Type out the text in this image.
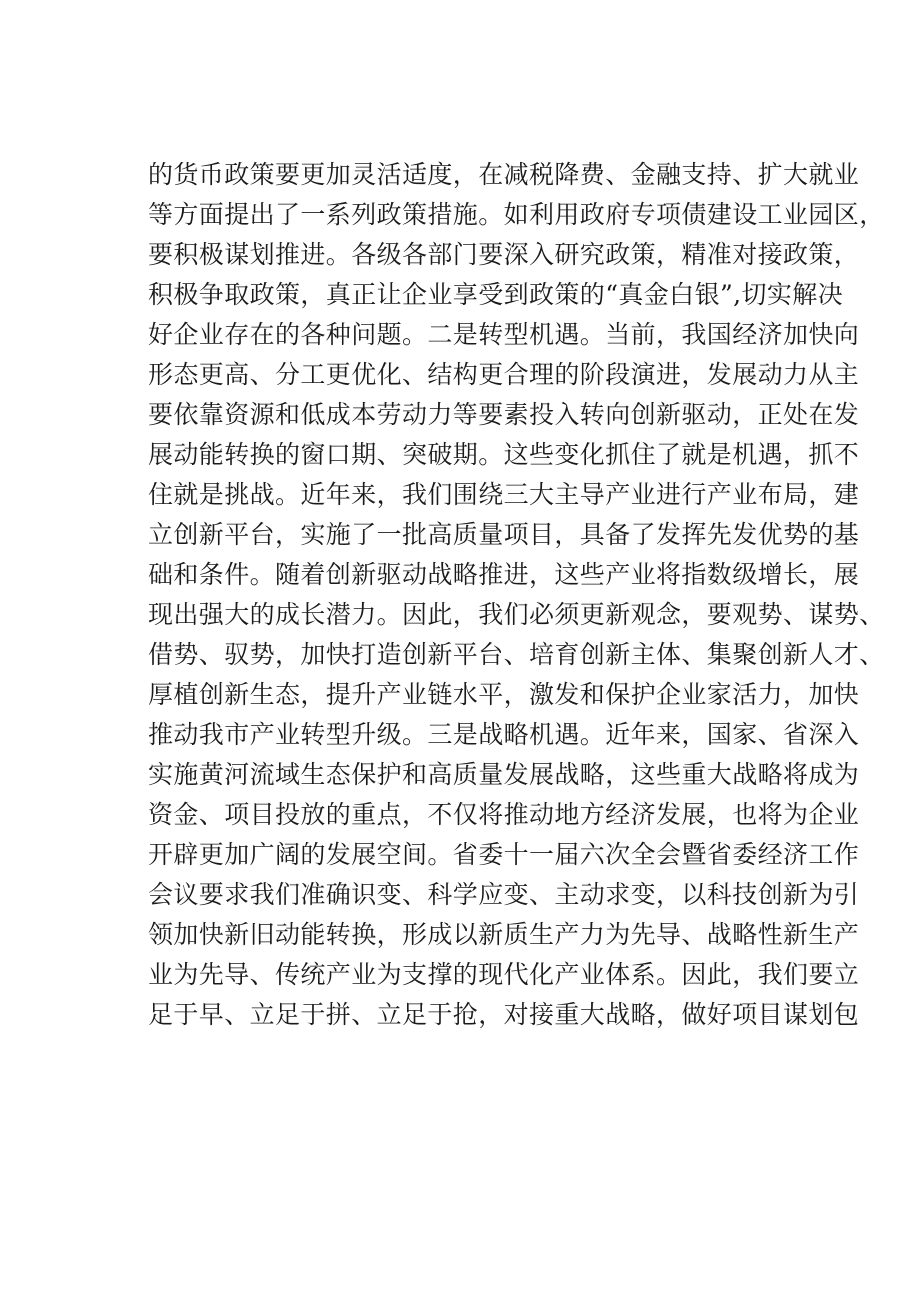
的货币政策要更加灵活适度，在减税降费、金融支持、扩大就业
等方面提出了一系列政策措施。如利用政府专项债建设工业园区，
要积极谋划推进。各级各部门要深入研究政策，精准对接政策，
积极争取政策，真正让企业享受到政策的“真金白银”,切实解决
好企业存在的各种问题。二是转型机遇。当前，我国经济加快向
形态更高、分工更优化、结构更合理的阶段演进，发展动力从主
要依靠资源和低成本劳动力等要素投入转向创新驱动，正处在发
展动能转换的窗口期、突破期。这些变化抓住了就是机遇，抓不
住就是挑战。近年来，我们围绕三大主导产业进行产业布局，建
立创新平台，实施了一批高质量项目，具备了发挥先发优势的基
础和条件。随着创新驱动战略推进，这些产业将指数级增长，展
现出强大的成长潜力。因此，我们必须更新观念，要观势、谋势、
借势、驭势，加快打造创新平台、培育创新主体、集聚创新人才、
厚植创新生态，提升产业链水平，激发和保护企业家活力，加快
推动我市产业转型升级。三是战略机遇。近年来，国家、省深入
实施黄河流域生态保护和高质量发展战略，这些重大战略将成为
资金、项目投放的重点，不仅将推动地方经济发展，也将为企业
开辟更加广阔的发展空间。省委十一届六次全会暨省委经济工作
会议要求我们准确识变、科学应变、主动求变，以科技创新为引
领加快新旧动能转换，形成以新质生产力为先导、战略性新生产
业为先导、传统产业为支撑的现代化产业体系。因此，我们要立
足于早、立足于拼、立足于抢，对接重大战略，做好项目谋划包
